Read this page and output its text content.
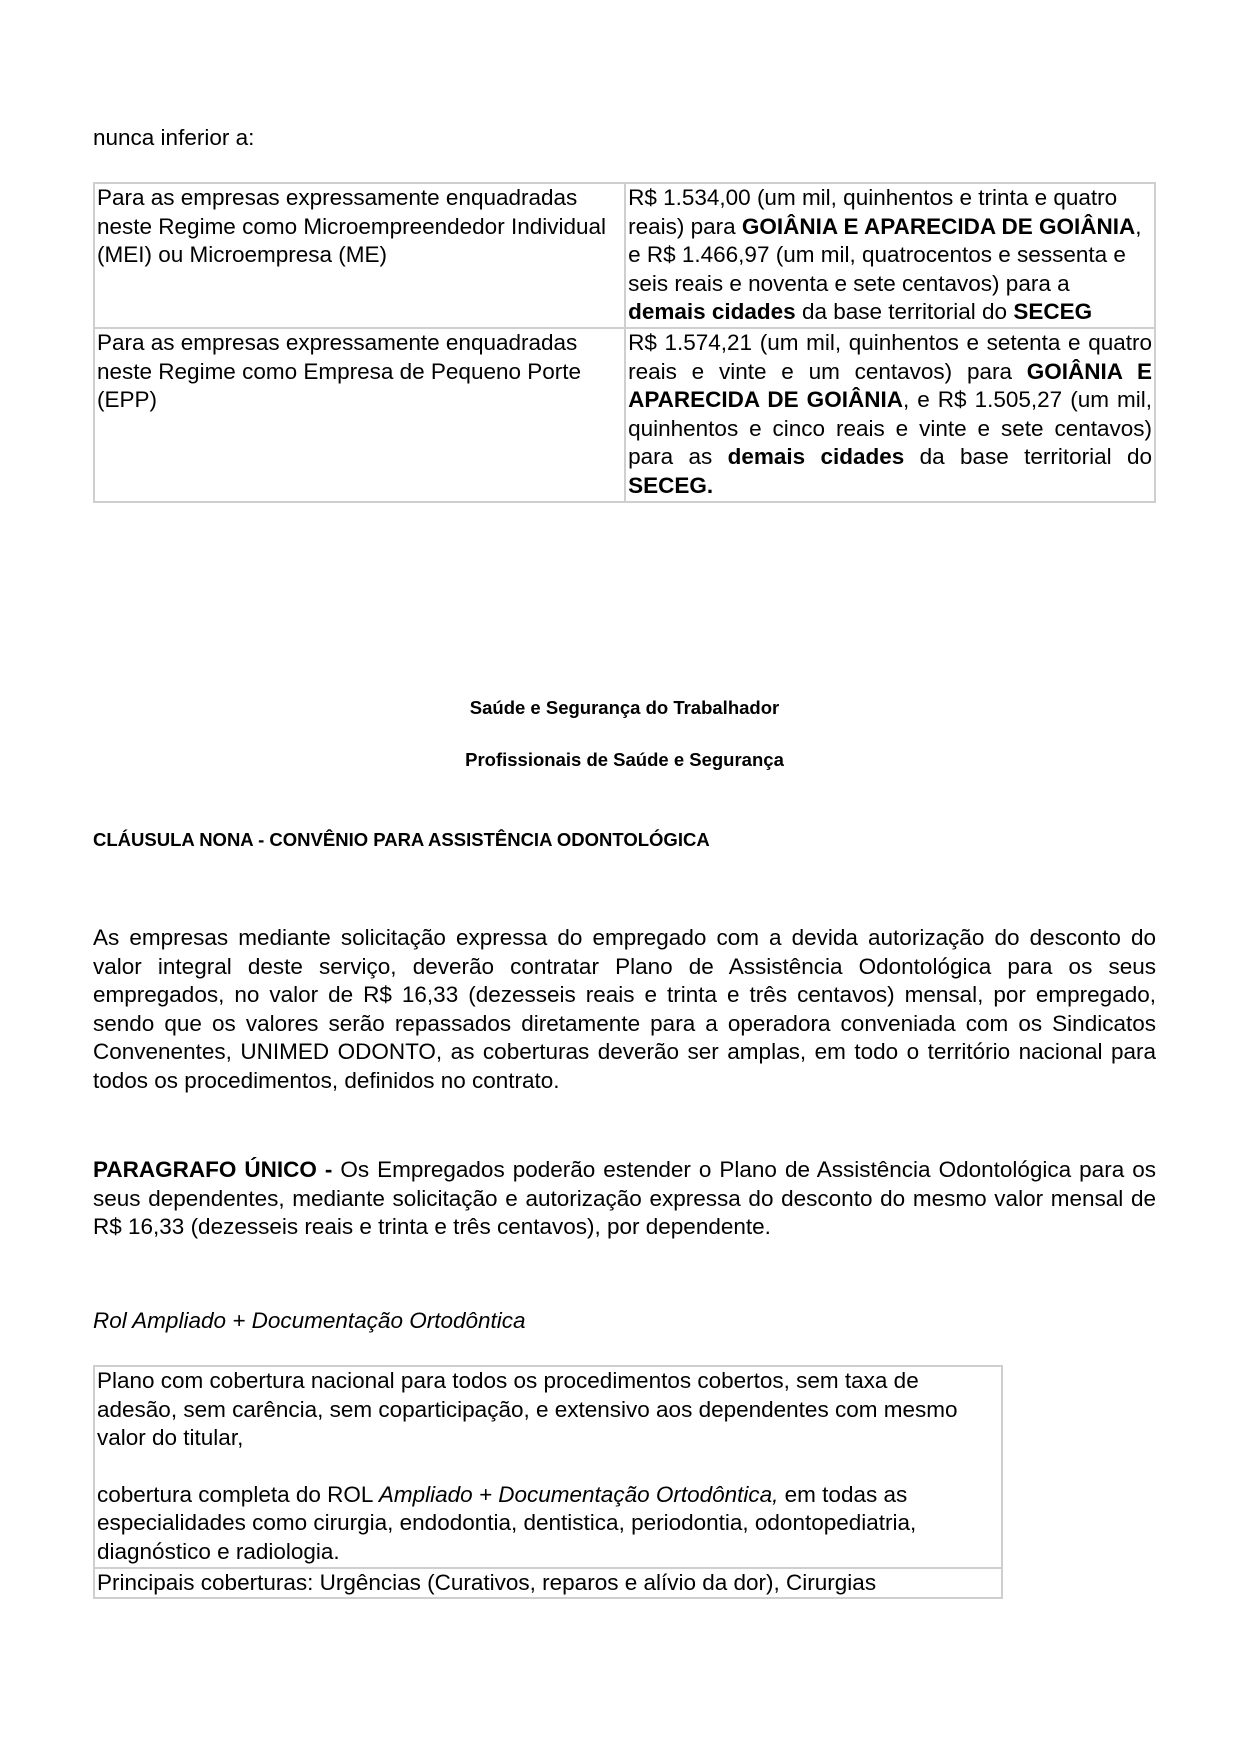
nunca inferior a:

Para as empresas expressamente enquadradas neste Regime como Microempreendedor Individual (MEI) ou Microempresa (ME)	R$ 1.534,00 (um mil, quinhentos e trinta e quatro reais) para GOIÂNIA E APARECIDA DE GOIÂNIA, e R$ 1.466,97 (um mil, quatrocentos e sessenta e seis reais e noventa e sete centavos) para a demais cidades da base territorial do SECEG
Para as empresas expressamente enquadradas neste Regime como Empresa de Pequeno Porte (EPP)	R$ 1.574,21 (um mil, quinhentos e setenta e quatro reais e vinte e um centavos) para GOIÂNIA E APARECIDA DE GOIÂNIA, e R$ 1.505,27 (um mil, quinhentos e cinco reais e vinte e sete centavos) para as demais cidades da base territorial do SECEG.

Saúde e Segurança do Trabalhador

Profissionais de Saúde e Segurança

CLÁUSULA NONA - CONVÊNIO PARA ASSISTÊNCIA ODONTOLÓGICA

As empresas mediante solicitação expressa do empregado com a devida autorização do desconto do valor integral deste serviço, deverão contratar Plano de Assistência Odontológica para os seus empregados, no valor de R$ 16,33 (dezesseis reais e trinta e três centavos) mensal, por empregado, sendo que os valores serão repassados diretamente para a operadora conveniada com os Sindicatos Convenentes, UNIMED ODONTO, as coberturas deverão ser amplas, em todo o território nacional para todos os procedimentos, definidos no contrato.

PARAGRAFO ÚNICO - Os Empregados poderão estender o Plano de Assistência Odontológica para os seus dependentes, mediante solicitação e autorização expressa do desconto do mesmo valor mensal de R$ 16,33 (dezesseis reais e trinta e três centavos), por dependente.

Rol Ampliado + Documentação Ortodôntica

Plano com cobertura nacional para todos os procedimentos cobertos, sem taxa de adesão, sem carência, sem coparticipação, e extensivo aos dependentes com mesmo valor do titular,
cobertura completa do ROL Ampliado + Documentação Ortodôntica, em todas as especialidades como cirurgia, endodontia, dentistica, periodontia, odontopediatria, diagnóstico e radiologia.

Principais coberturas: Urgências (Curativos, reparos e alívio da dor), Cirurgias
